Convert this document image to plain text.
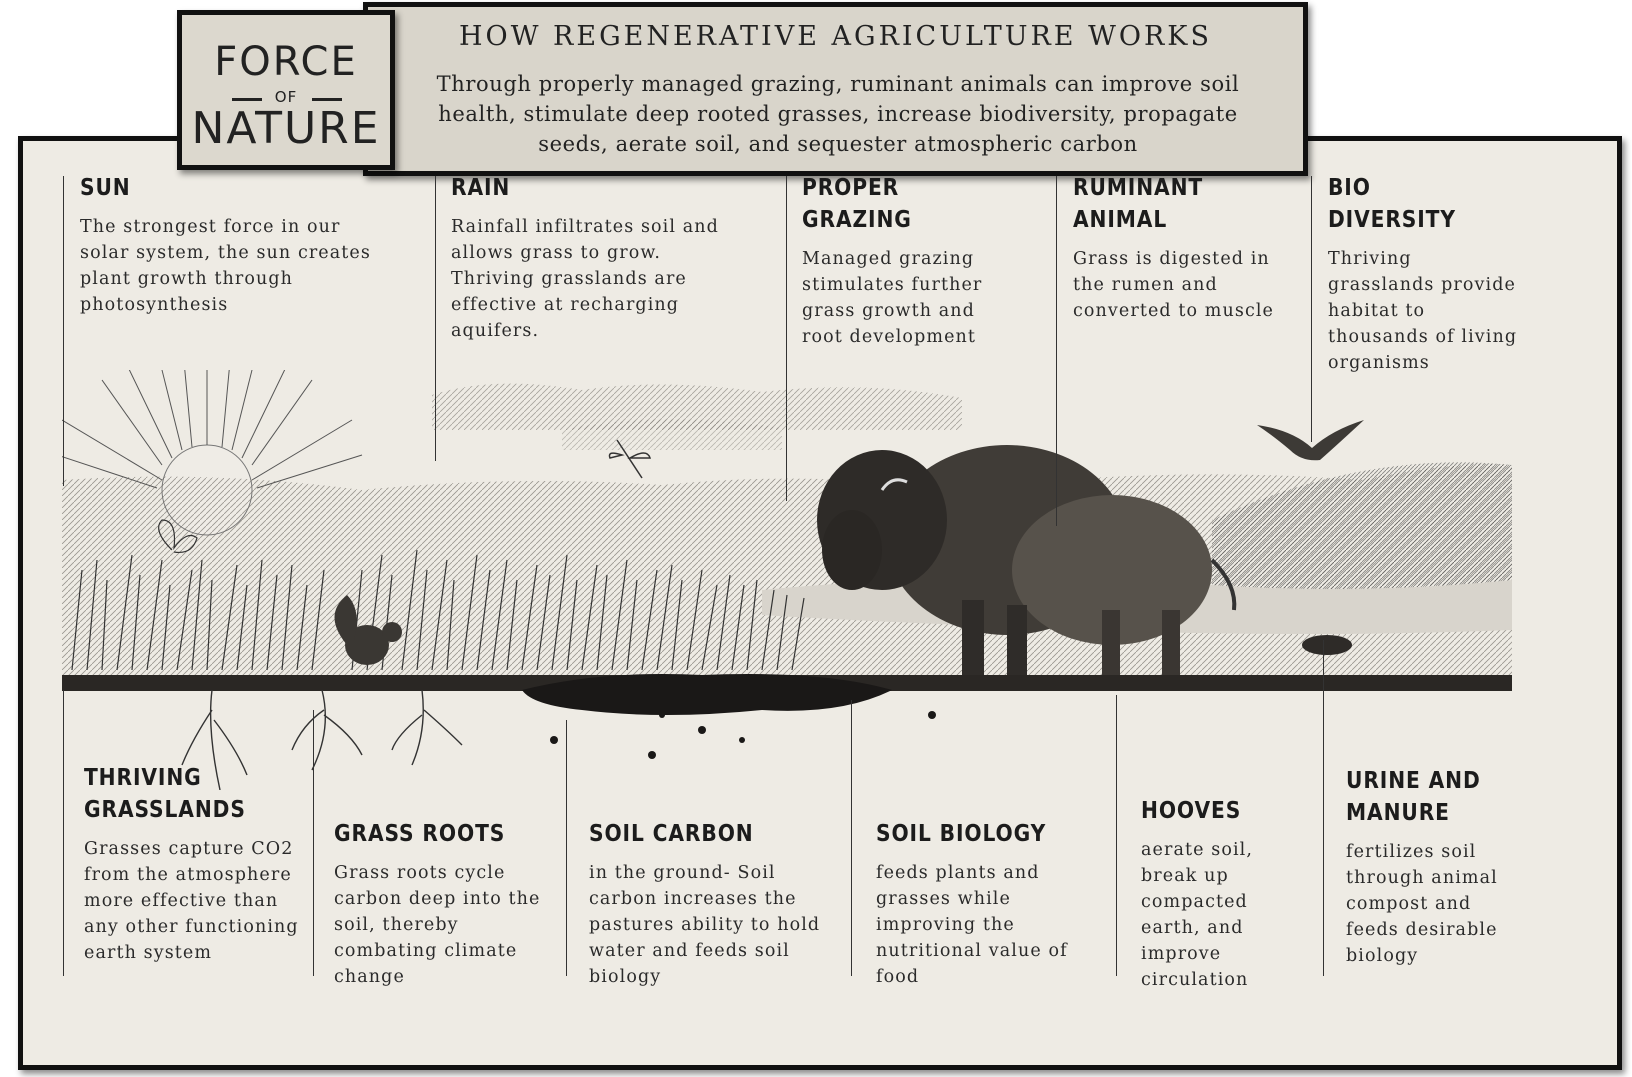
FORCE
OF
NATURE
HOW REGENERATIVE AGRICULTURE WORKS
Through properly managed grazing, ruminant animals can improve soil health, stimulate deep rooted grasses, increase biodiversity, propagate seeds, aerate soil, and sequester atmospheric carbon
SUN

The strongest force in our solar system, the sun creates plant growth through photosynthesis

RAIN

Rainfall infiltrates soil and allows grass to grow. Thriving grasslands are effective at recharging aquifers.

PROPER GRAZING

Managed grazing stimulates further grass growth and root development

RUMINANT ANIMAL

Grass is digested in the rumen and converted to muscle

BIO DIVERSITY

Thriving grasslands provide habitat to thousands of living organisms

THRIVING
GRASSLANDS

Grasses capture CO2 from the atmosphere more effective than any other functioning earth system

GRASS ROOTS

Grass roots cycle carbon deep into the soil, thereby combating climate change

SOIL CARBON

in the ground- Soil carbon increases the pastures ability to hold water and feeds soil biology

SOIL BIOLOGY

feeds plants and grasses while improving the nutritional value of food

HOOVES

aerate soil, break up compacted earth, and improve circulation

URINE AND
MANURE

fertilizes soil through animal compost and feeds desirable biology
